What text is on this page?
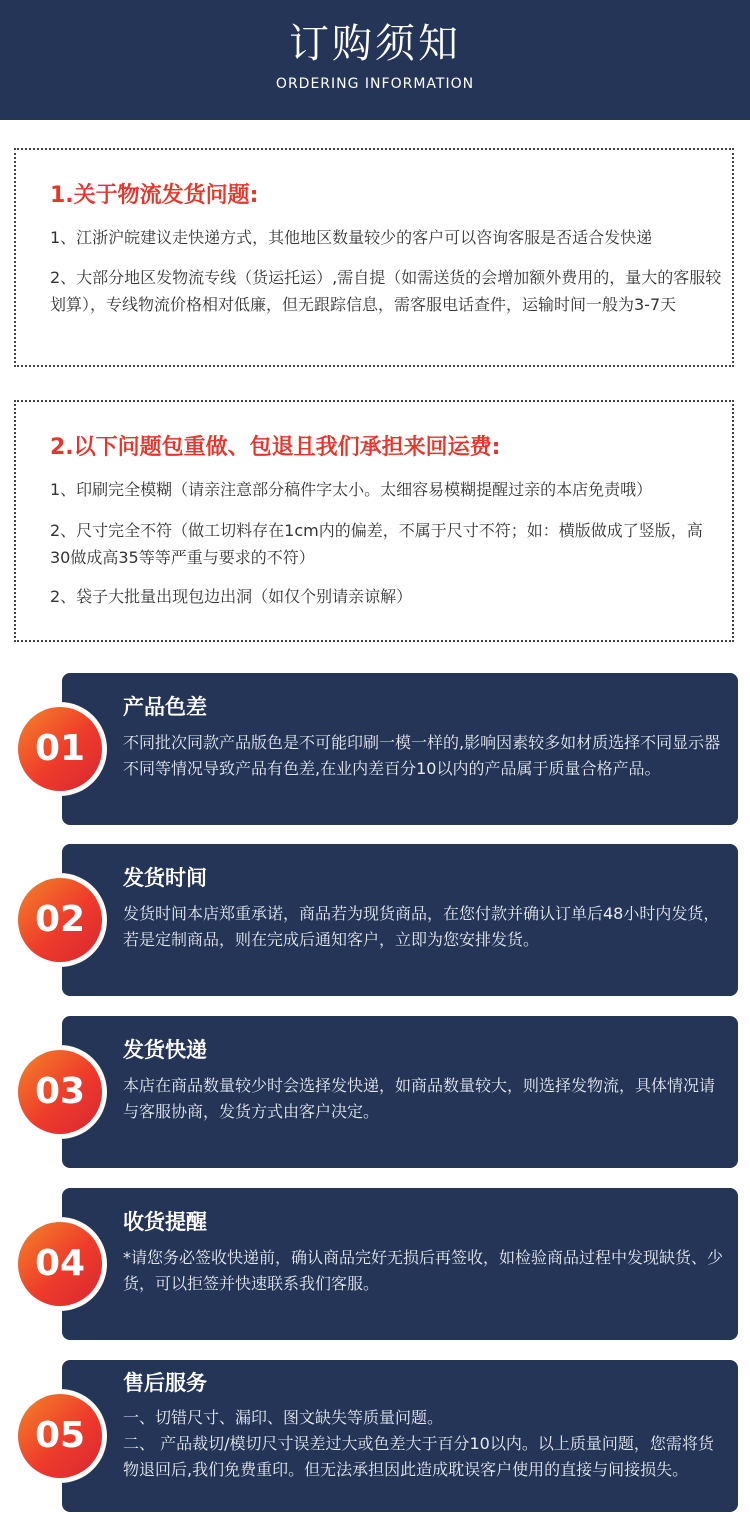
订购须知
ORDERING INFORMATION
1.关于物流发货问题:
1、江浙沪皖建议走快递方式，其他地区数量较少的客户可以咨询客服是否适合发快递
2、大部分地区发物流专线（货运托运）,需自提（如需送货的会增加额外费用的，量大的客服较划算），专线物流价格相对低廉，但无跟踪信息，需客服电话查件，运输时间一般为3-7天
2.以下问题包重做、包退且我们承担来回运费:
1、印刷完全模糊（请亲注意部分稿件字太小。太细容易模糊提醒过亲的本店免责哦）
2、尺寸完全不符（做工切料存在1cm内的偏差，不属于尺寸不符；如：横版做成了竖版，高30做成高35等等严重与要求的不符）
2、袋子大批量出现包边出洞（如仅个别请亲谅解）
产品色差
不同批次同款产品版色是不可能印刷一模一样的,影响因素较多如材质选择不同显示器不同等情况导致产品有色差,在业内差百分10以内的产品属于质量合格产品。
01
发货时间
发货时间本店郑重承诺，商品若为现货商品，在您付款并确认订单后48小时内发货，若是定制商品，则在完成后通知客户，立即为您安排发货。
02
发货快递
本店在商品数量较少时会选择发快递，如商品数量较大，则选择发物流，具体情况请与客服协商，发货方式由客户决定。
03
收货提醒
*请您务必签收快递前，确认商品完好无损后再签收，如检验商品过程中发现缺货、少货，可以拒签并快速联系我们客服。
04
售后服务
一、切错尺寸、漏印、图文缺失等质量问题。
二、 产品裁切/模切尺寸误差过大或色差大于百分10以内。以上质量问题，您需将货物退回后,我们免费重印。但无法承担因此造成耽误客户使用的直接与间接损失。
05
